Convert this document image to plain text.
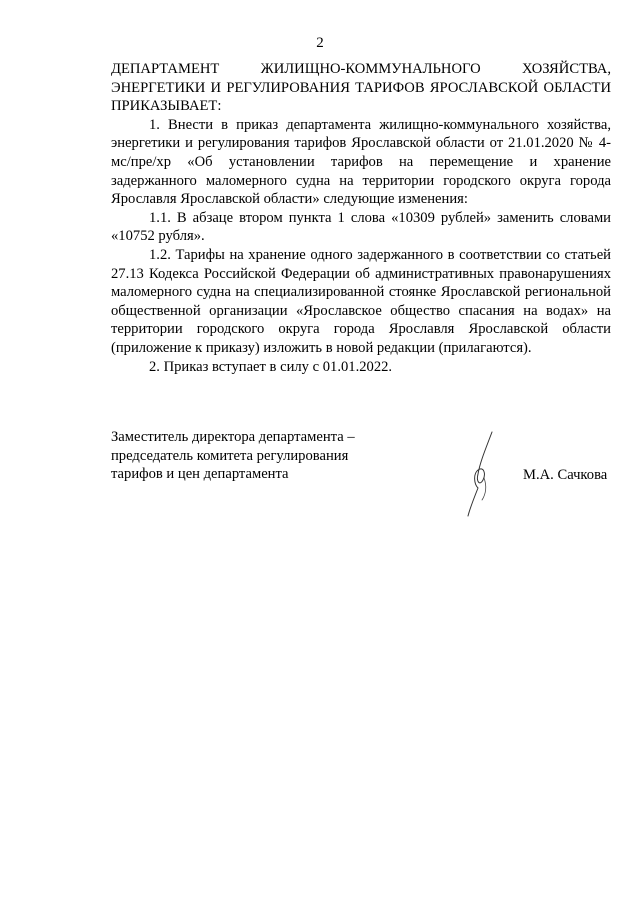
2

ДЕПАРТАМЕНТ ЖИЛИЩНО-КОММУНАЛЬНОГО ХОЗЯЙСТВА, ЭНЕРГЕТИКИ И РЕГУЛИРОВАНИЯ ТАРИФОВ ЯРОСЛАВСКОЙ ОБЛАСТИ ПРИКАЗЫВАЕТ:

1. Внести в приказ департамента жилищно-коммунального хозяйства, энергетики и регулирования тарифов Ярославской области от 21.01.2020 № 4-мс/пре/хр «Об установлении тарифов на перемещение и хранение задержанного маломерного судна на территории городского округа города Ярославля Ярославской области» следующие изменения:

1.1. В абзаце втором пункта 1 слова «10309 рублей» заменить словами «10752 рубля».

1.2. Тарифы на хранение одного задержанного в соответствии со статьей 27.13 Кодекса Российской Федерации об административных правонарушениях маломерного судна на специализированной стоянке Ярославской региональной общественной организации «Ярославское общество спасания на водах» на территории городского округа города Ярославля Ярославской области (приложение к приказу) изложить в новой редакции (прилагаются).

2. Приказ вступает в силу с 01.01.2022.

Заместитель директора департамента –
председатель комитета регулирования
тарифов и цен департамента	М.А. Сачкова
